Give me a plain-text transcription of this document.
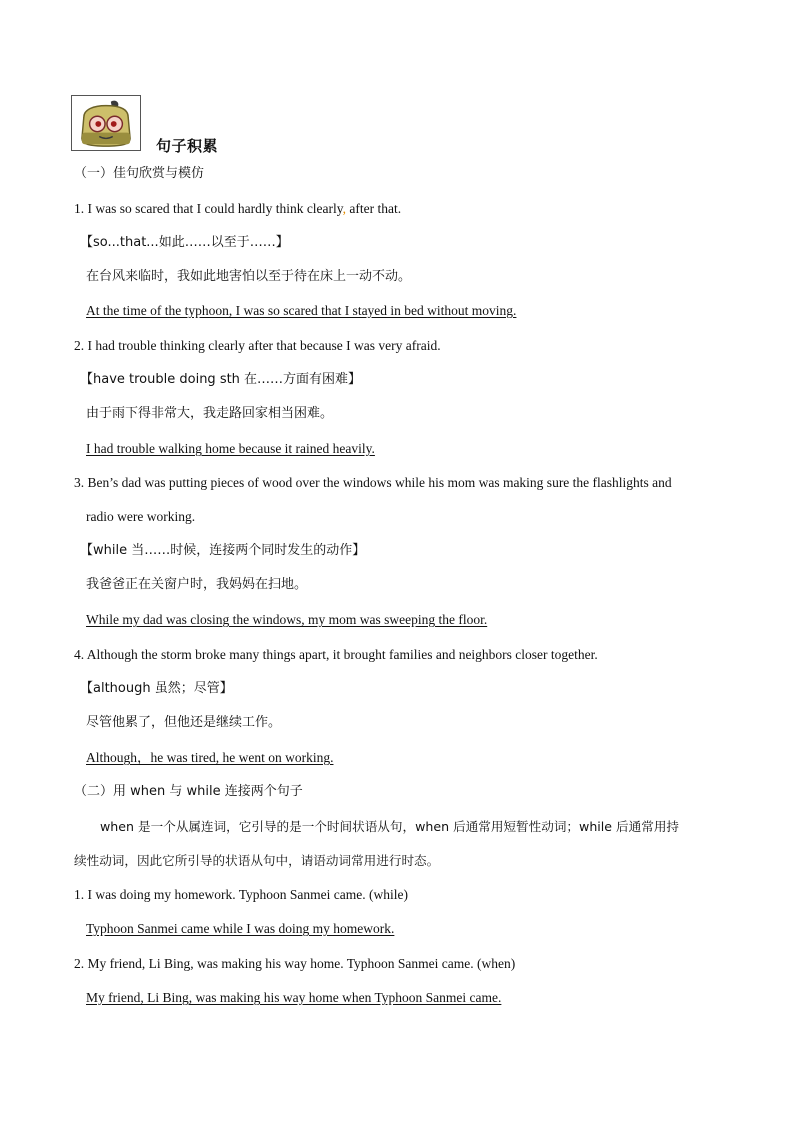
句子积累
（一）佳句欣赏与模仿
1. I was so scared that I could hardly think clearly, after that.
【so...that...如此……以至于……】
在台风来临时，我如此地害怕以至于待在床上一动不动。
At the time of the typhoon, I was so scared that I stayed in bed without moving.
2. I had trouble thinking clearly after that because I was very afraid.
【have trouble doing sth 在……方面有困难】
由于雨下得非常大，我走路回家相当困难。
I had trouble walking home because it rained heavily.
3. Ben’s dad was putting pieces of wood over the windows while his mom was making sure the flashlights and
radio were working.
【while 当……时候，连接两个同时发生的动作】
我爸爸正在关窗户时，我妈妈在扫地。
While my dad was closing the windows, my mom was sweeping the floor.
4. Although the storm broke many things apart, it brought families and neighbors closer together.
【although 虽然；尽管】
尽管他累了，但他还是继续工作。
Although，he was tired, he went on working.
（二）用 when 与 while 连接两个句子
when 是一个从属连词，它引导的是一个时间状语从句，when 后通常用短暂性动词；while 后通常用持
续性动词，因此它所引导的状语从句中，请语动词常用进行时态。
1. I was doing my homework. Typhoon Sanmei came. (while)
Typhoon Sanmei came while I was doing my homework.
2. My friend, Li Bing, was making his way home. Typhoon Sanmei came. (when)
My friend, Li Bing, was making his way home when Typhoon Sanmei came.
